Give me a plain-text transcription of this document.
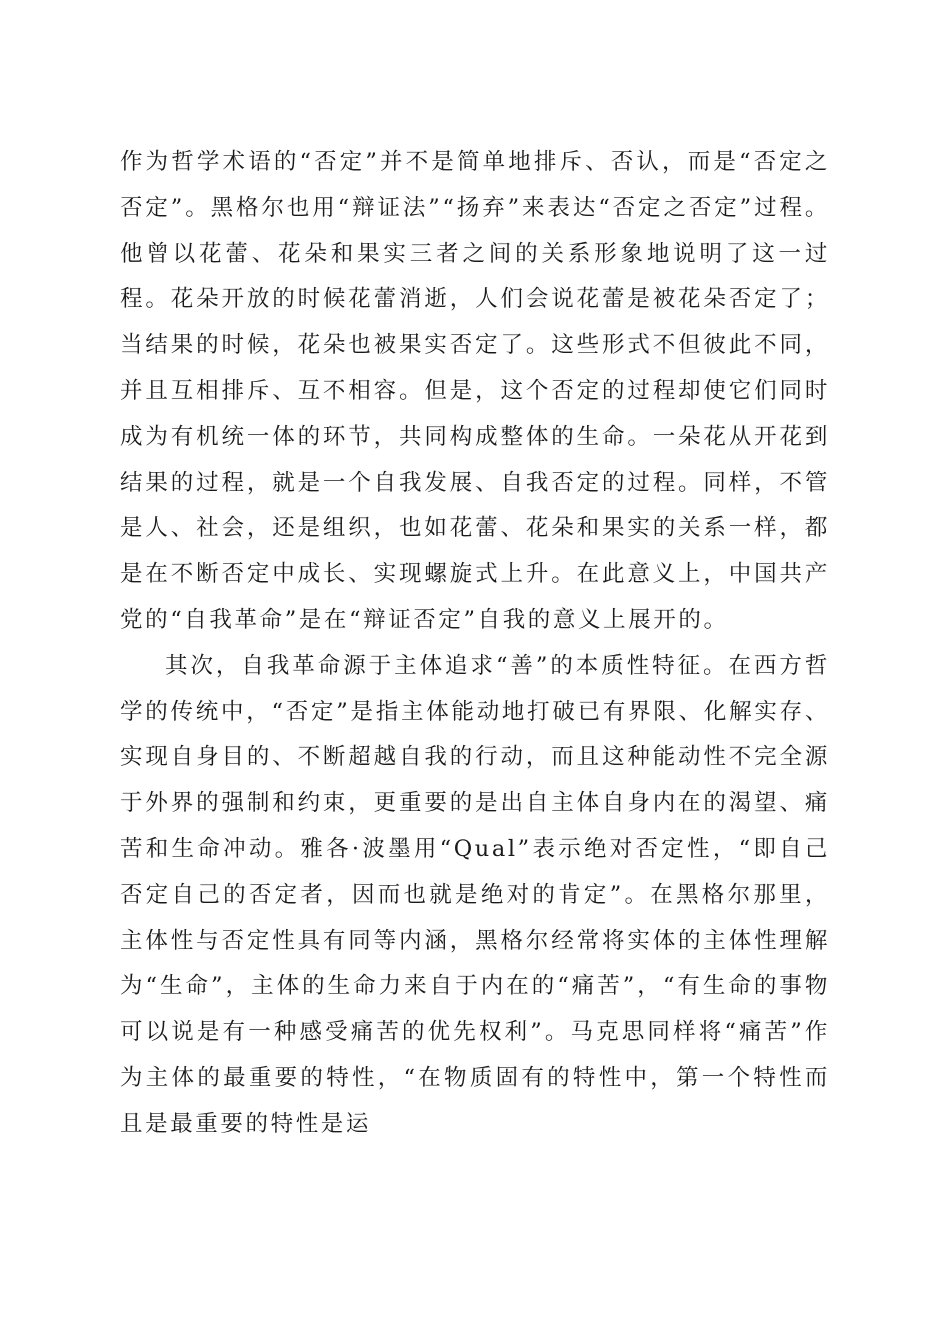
作为哲学术语的“否定”并不是简单地排斥、否认，而是“否定之否定”。黑格尔也用“辩证法”“扬弃”来表达“否定之否定”过程。他曾以花蕾、花朵和果实三者之间的关系形象地说明了这一过程。花朵开放的时候花蕾消逝，人们会说花蕾是被花朵否定了；当结果的时候，花朵也被果实否定了。这些形式不但彼此不同，并且互相排斥、互不相容。但是，这个否定的过程却使它们同时成为有机统一体的环节，共同构成整体的生命。一朵花从开花到结果的过程，就是一个自我发展、自我否定的过程。同样，不管是人、社会，还是组织，也如花蕾、花朵和果实的关系一样，都是在不断否定中成长、实现螺旋式上升。在此意义上，中国共产党的“自我革命”是在“辩证否定”自我的意义上展开的。

其次，自我革命源于主体追求“善”的本质性特征。在西方哲学的传统中，“否定”是指主体能动地打破已有界限、化解实存、实现自身目的、不断超越自我的行动，而且这种能动性不完全源于外界的强制和约束，更重要的是出自主体自身内在的渴望、痛苦和生命冲动。雅各·波墨用“Qual”表示绝对否定性，“即自己否定自己的否定者，因而也就是绝对的肯定”。在黑格尔那里，主体性与否定性具有同等内涵，黑格尔经常将实体的主体性理解为“生命”，主体的生命力来自于内在的“痛苦”，“有生命的事物可以说是有一种感受痛苦的优先权利”。马克思同样将“痛苦”作为主体的最重要的特性，“在物质固有的特性中，第一个特性而且是最重要的特性是运
